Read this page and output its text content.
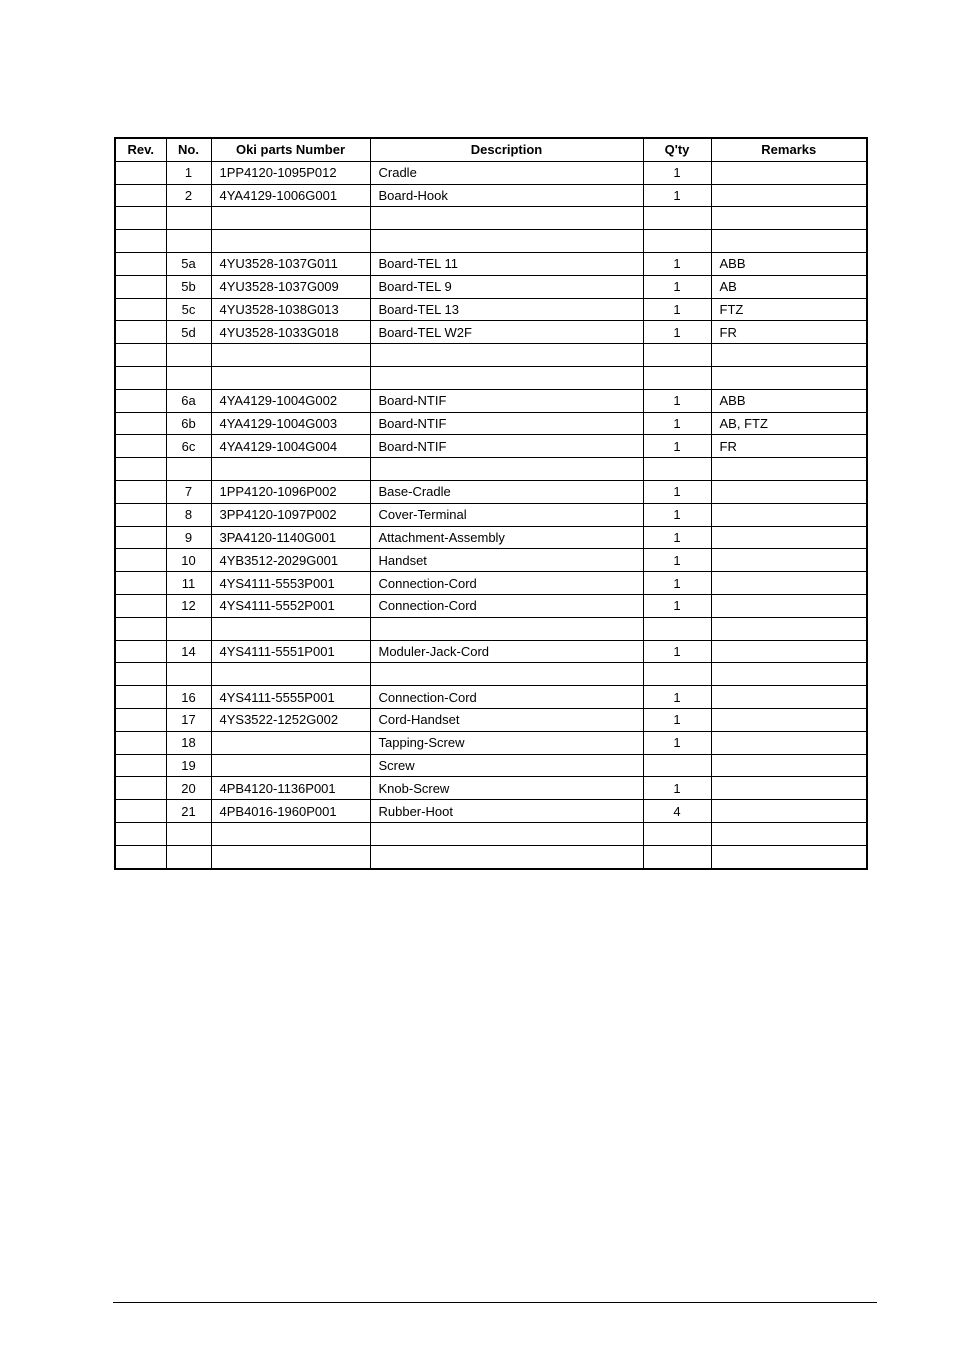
Rev.	No.	Oki parts Number	Description	Q'ty	Remarks
	1	1PP4120-1095P012	Cradle	1	
	2	4YA4129-1006G001	Board-Hook	1	

	5a	4YU3528-1037G011	Board-TEL 11	1	ABB
	5b	4YU3528-1037G009	Board-TEL 9	1	AB
	5c	4YU3528-1038G013	Board-TEL 13	1	FTZ
	5d	4YU3528-1033G018	Board-TEL W2F	1	FR

	6a	4YA4129-1004G002	Board-NTIF	1	ABB
	6b	4YA4129-1004G003	Board-NTIF	1	AB, FTZ
	6c	4YA4129-1004G004	Board-NTIF	1	FR

	7	1PP4120-1096P002	Base-Cradle	1	
	8	3PP4120-1097P002	Cover-Terminal	1	
	9	3PA4120-1140G001	Attachment-Assembly	1	
	10	4YB3512-2029G001	Handset	1	
	11	4YS4111-5553P001	Connection-Cord	1	
	12	4YS4111-5552P001	Connection-Cord	1	

	14	4YS4111-5551P001	Moduler-Jack-Cord	1	

	16	4YS4111-5555P001	Connection-Cord	1	
	17	4YS3522-1252G002	Cord-Handset	1	
	18		Tapping-Screw	1	
	19		Screw		
	20	4PB4120-1136P001	Knob-Screw	1	
	21	4PB4016-1960P001	Rubber-Hoot	4	
